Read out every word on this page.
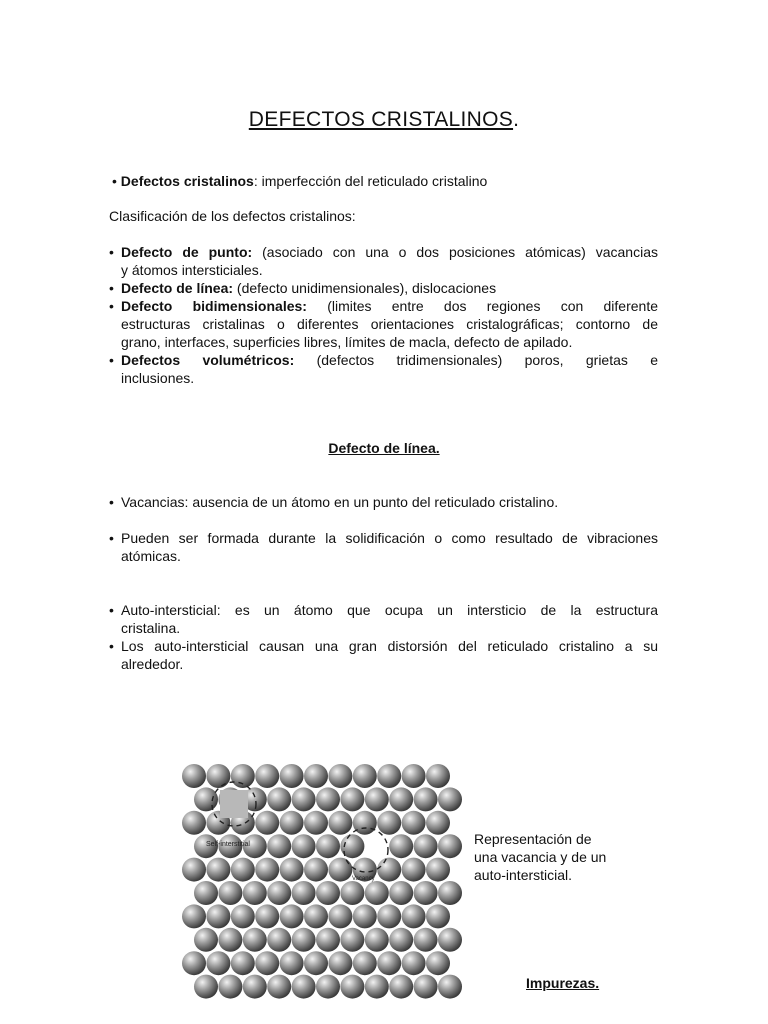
DEFECTOS CRISTALINOS.
• Defectos cristalinos: imperfección del reticulado cristalino
Clasificación de los defectos cristalinos:
• Defecto de punto: (asociado con una o dos posiciones atómicas) vacancias
y átomos intersticiales.
• Defecto de línea: (defecto unidimensionales), dislocaciones
• Defecto bidimensionales: (limites entre dos regiones con diferente
estructuras cristalinas o diferentes orientaciones cristalográficas; contorno de
grano, interfaces, superficies libres, límites de macla, defecto de apilado.
• Defectos volumétricos: (defectos tridimensionales) poros, grietas e
inclusiones.
Defecto de línea.
• Vacancias: ausencia de un átomo en un punto del reticulado cristalino.
• Pueden ser formada durante la solidificación o como resultado de vibraciones
atómicas.
• Auto-intersticial: es un átomo que ocupa un intersticio de la estructura
cristalina.
• Los auto-intersticial causan una gran distorsión del reticulado cristalino a su
alrededor.
Self-interstitial
Vacancy
Representación de
una vacancia y de un
auto-intersticial.
Impurezas.
